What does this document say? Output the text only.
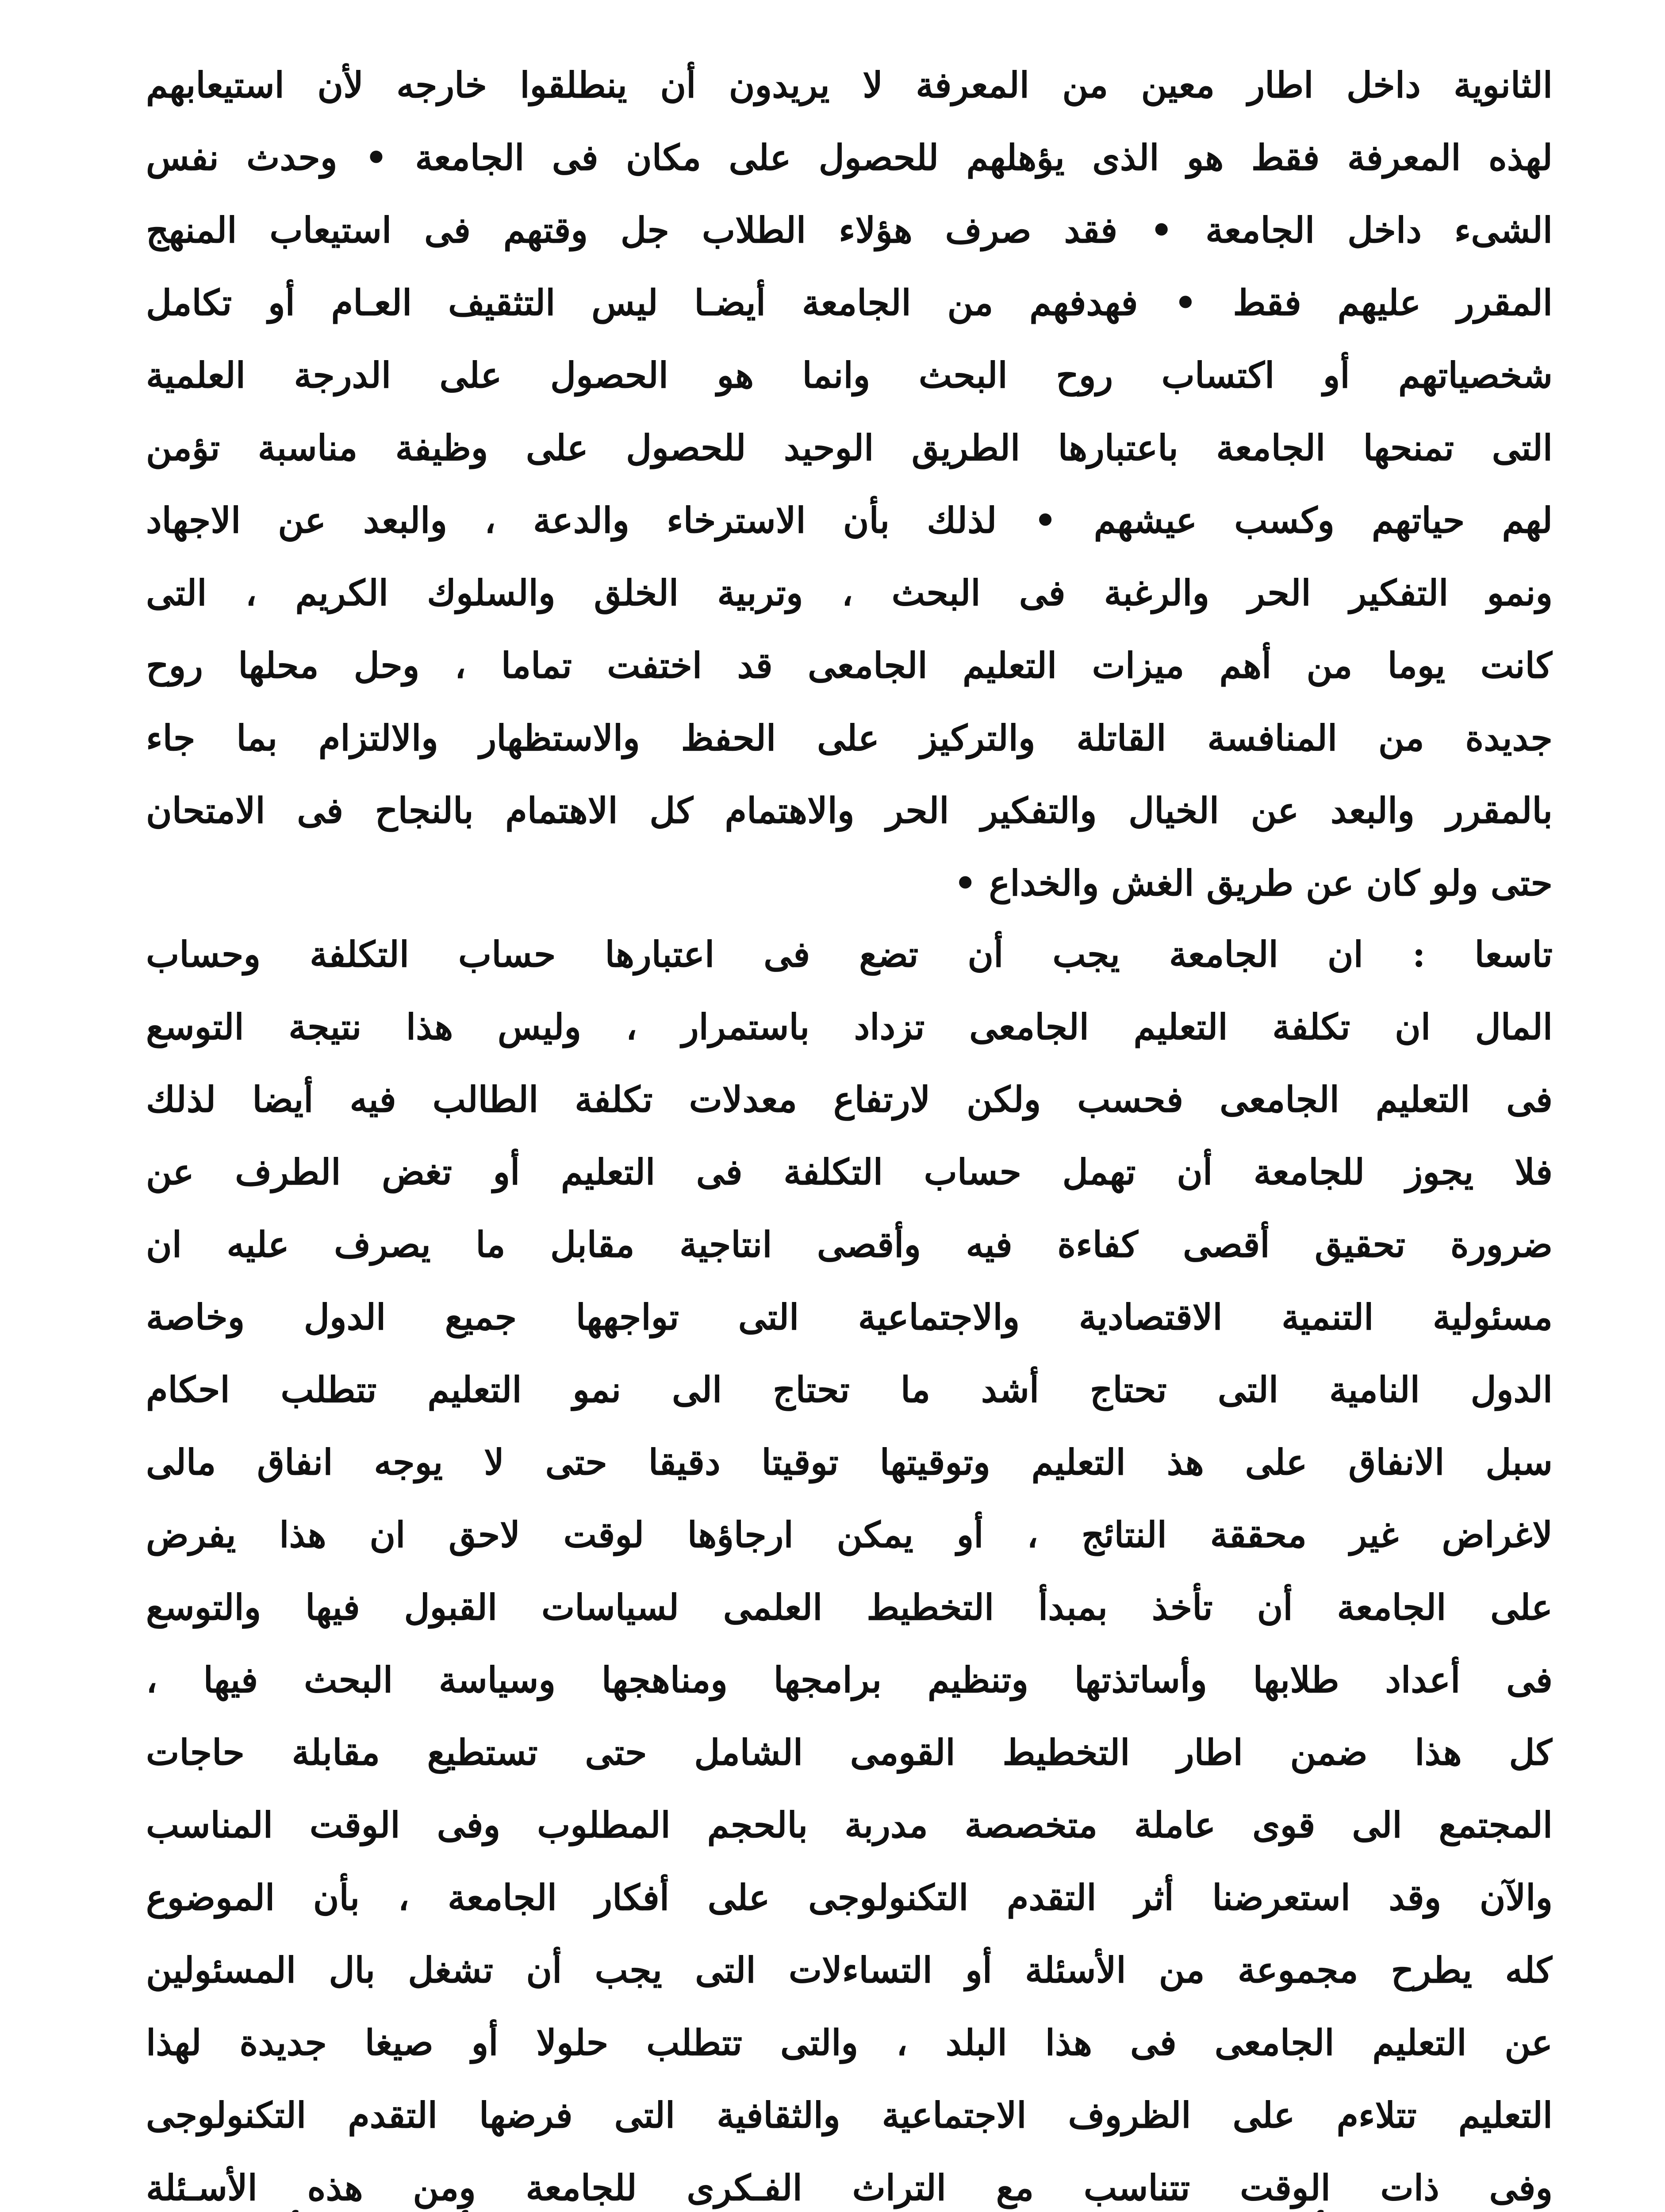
الثانوية داخل اطار معين من المعرفة لا يريدون أن ينطلقوا خارجه لأن استيعابهم
لهذه المعرفة فقط هو الذى يؤهلهم للحصول على مكان فى الجامعة • وحدث نفس
الشىء داخل الجامعة • فقد صرف هؤلاء الطلاب جل وقتهم فى استيعاب المنهج
المقرر عليهم فقط • فهدفهم من الجامعة أيضـا ليس التثقيف العـام أو تكامل
شخصياتهم أو اكتساب روح البحث وانما هو الحصول على الدرجة العلمية
التى تمنحها الجامعة باعتبارها الطريق الوحيد للحصول على وظيفة مناسبة تؤمن
لهم حياتهم وكسب عيشهم • لذلك بأن الاسترخاء والدعة ، والبعد عن الاجهاد
ونمو التفكير الحر والرغبة فى البحث ، وتربية الخلق والسلوك الكريم ، التى
كانت يوما من أهم ميزات التعليم الجامعى قد اختفت تماما ، وحل محلها روح
جديدة من المنافسة القاتلة والتركيز على الحفظ والاستظهار والالتزام بما جاء
بالمقرر والبعد عن الخيال والتفكير الحر والاهتمام كل الاهتمام بالنجاح فى الامتحان
حتى ولو كان عن طريق الغش والخداع •
تاسعا : ان الجامعة يجب أن تضع فى اعتبارها حساب التكلفة وحساب
المال ان تكلفة التعليم الجامعى تزداد باستمرار ، وليس هذا نتيجة التوسع
فى التعليم الجامعى فحسب ولكن لارتفاع معدلات تكلفة الطالب فيه أيضا لذلك
فلا يجوز للجامعة أن تهمل حساب التكلفة فى التعليم أو تغض الطرف عن
ضرورة تحقيق أقصى كفاءة فيه وأقصى انتاجية مقابل ما يصرف عليه ان
مسئولية التنمية الاقتصادية والاجتماعية التى تواجهها جميع الدول وخاصة
الدول النامية التى تحتاج أشد ما تحتاج الى نمو التعليم تتطلب احكام
سبل الانفاق على هذ التعليم وتوقيتها توقيتا دقيقا حتى لا يوجه انفاق مالى
لاغراض غير محققة النتائج ، أو يمكن ارجاؤها لوقت لاحق ان هذا يفرض
على الجامعة أن تأخذ بمبدأ التخطيط العلمى لسياسات القبول فيها والتوسع
فى أعداد طلابها وأساتذتها وتنظيم برامجها ومناهجها وسياسة البحث فيها ،
كل هذا ضمن اطار التخطيط القومى الشامل حتى تستطيع مقابلة حاجات
المجتمع الى قوى عاملة متخصصة مدربة بالحجم المطلوب وفى الوقت المناسب
والآن وقد استعرضنا أثر التقدم التكنولوجى على أفكار الجامعة ، بأن الموضوع
كله يطرح مجموعة من الأسئلة أو التساءلات التى يجب أن تشغل بال المسئولين
عن التعليم الجامعى فى هذا البلد ، والتى تتطلب حلولا أو صيغا جديدة لهذا
التعليم تتلاءم على الظروف الاجتماعية والثقافية التى فرضها التقدم التكنولوجى
وفى ذات الوقت تتناسب مع التراث الفـكرى للجامعة ومن هذه الأسـئلة
